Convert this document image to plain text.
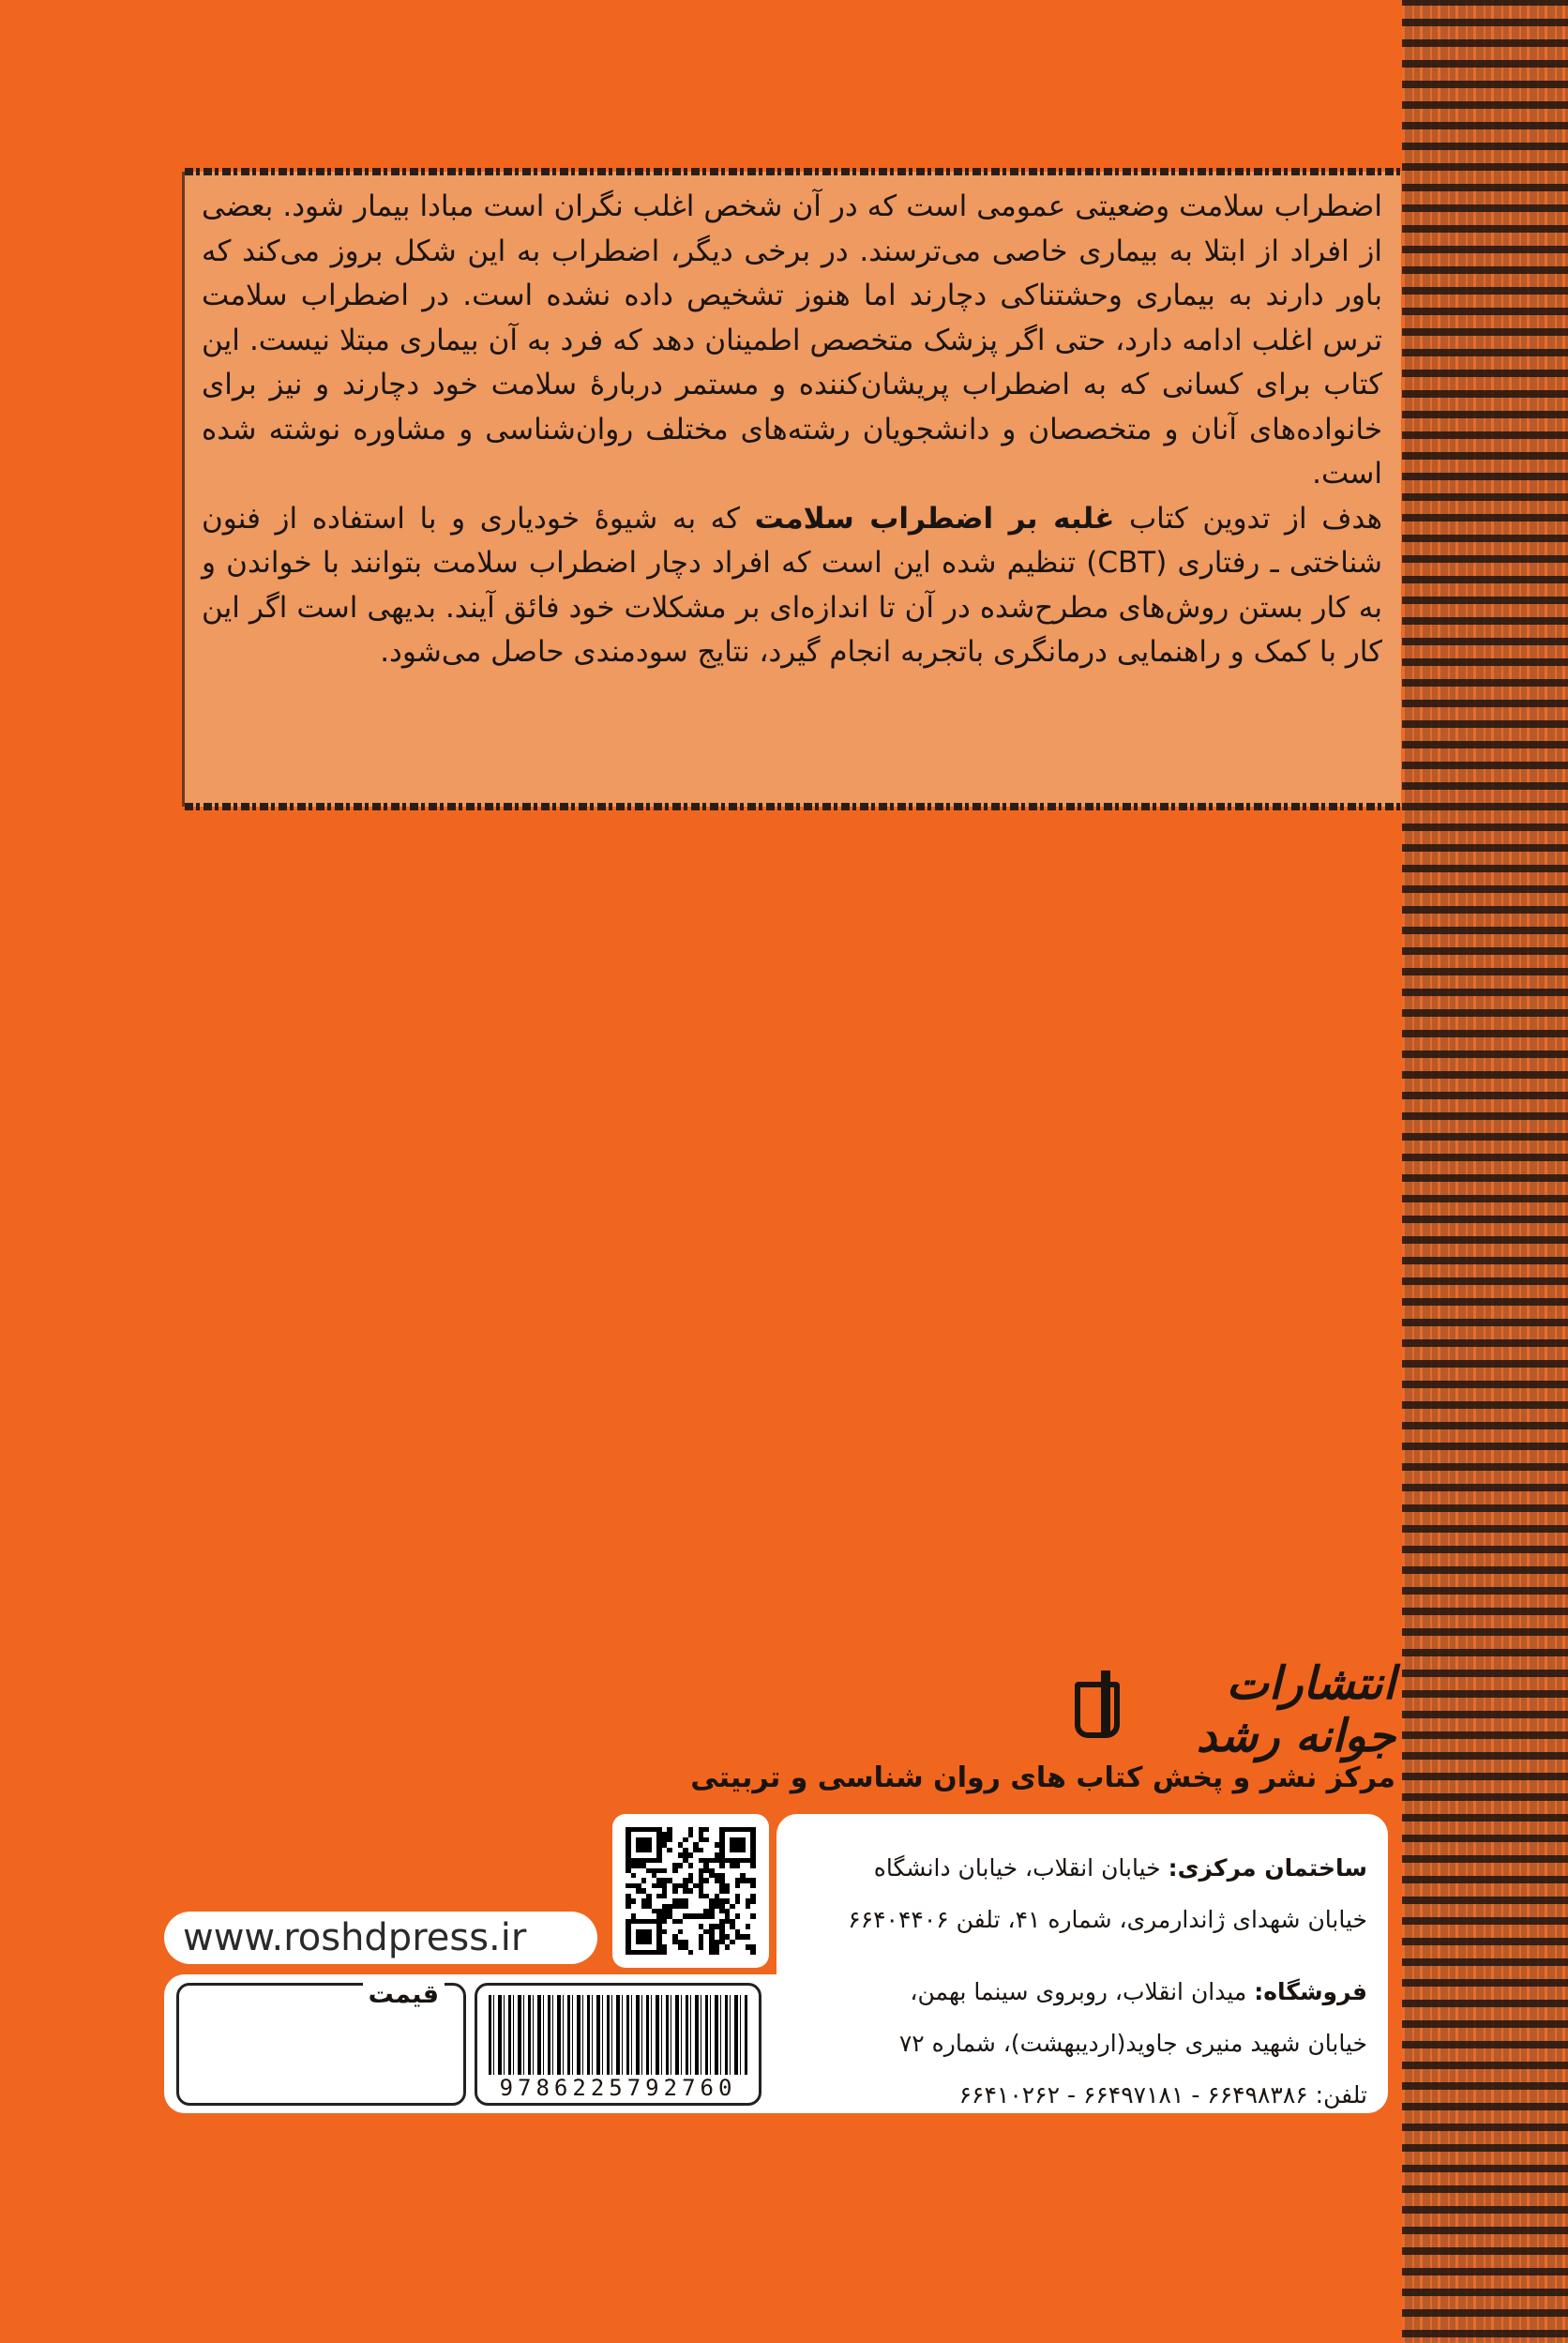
اضطراب سلامت وضعیتی عمومی است که در آن شخص اغلب نگران است مبادا بیمار شود. بعضی از افراد از ابتلا به بیماری خاصی می‌ترسند. در برخی دیگر، اضطراب به این شکل بروز می‌کند که باور دارند به بیماری وحشتناکی دچارند اما هنوز تشخیص داده نشده است. در اضطراب سلامت ترس اغلب ادامه دارد، حتی اگر پزشک متخصص اطمینان دهد که فرد به آن بیماری مبتلا نیست. این کتاب برای کسانی که به اضطراب پریشان‌کننده و مستمر دربارهٔ سلامت خود دچارند و نیز برای خانواده‌های آنان و متخصصان و دانشجویان رشته‌های مختلف روان‌شناسی و مشاوره نوشته شده است.

هدف از تدوین کتاب غلبه بر اضطراب سلامت که به شیوهٔ خودیاری و با استفاده از فنون شناختی ـ رفتاری (CBT) تنظیم شده این است که افراد دچار اضطراب سلامت بتوانند با خواندن و به کار بستن روش‌های مطرح‌شده در آن تا اندازه‌ای بر مشکلات خود فائق آیند. بدیهی است اگر این کار با کمک و راهنمایی درمانگری باتجربه انجام گیرد، نتایج سودمندی حاصل می‌شود.

انتشارات جوانه رشد
مرکز نشر و پخش کتاب های روان شناسی و تربیتی
ساختمان مرکزی: خیابان انقلاب، خیابان دانشگاه
خیابان شهدای ژاندارمری، شماره ۴۱، تلفن ۶۶۴۰۴۴۰۶
فروشگاه: میدان انقلاب، روبروی سینما بهمن،
خیابان شهید منیری جاوید(اردیبهشت)، شماره ۷۲
تلفن: ۶۶۴۹۸۳۸۶ - ۶۶۴۹۷۱۸۱ - ۶۶۴۱۰۲۶۲
www.roshdpress.ir
9786225792760
قیمت
